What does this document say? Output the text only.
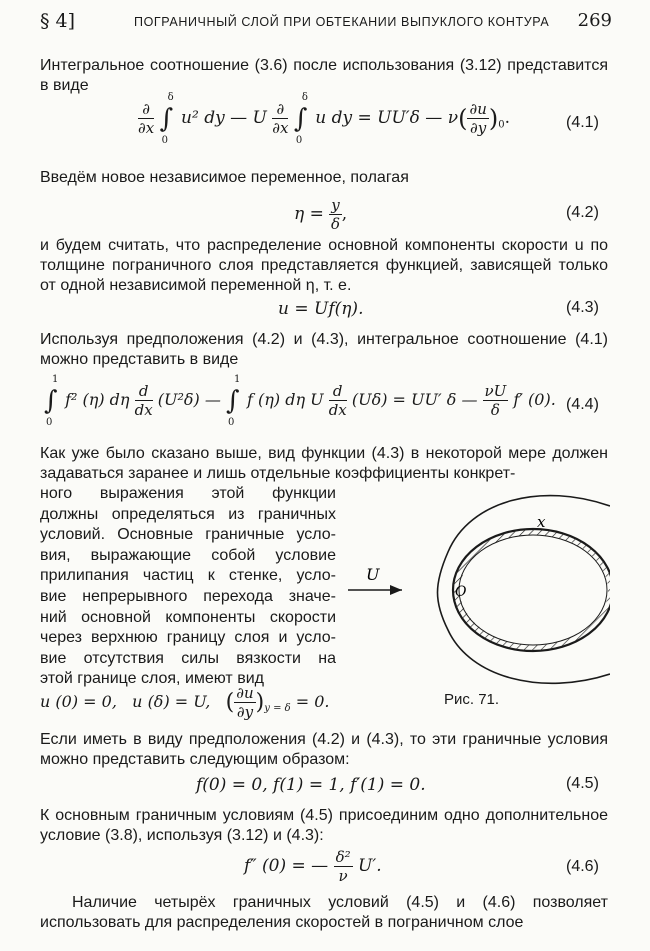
§ 4]	ПОГРАНИЧНЫЙ СЛОЙ ПРИ ОБТЕКАНИИ ВЫПУКЛОГО КОНТУРА 269

Интегральное соотношение (3.6) после использования (3.12) представится в виде

$\frac{\partial}{\partial x}$ ∫
δ
0
u² dy — U $\frac{\partial}{\partial x}$ ∫
δ
0
u dy = UU′δ — $\nu( \frac{\partial u}{\partial y} )_0$.	(4.1)

Введём новое независимое переменное, полагая

$\eta = \frac{y}{\delta}$ ,	(4.2)

и будем считать, что распределение основной компоненты скорости u по толщине пограничного слоя представляется функцией, зависящей только от одной независимой переменной η, т. е.

u = Uf(η).	(4.3)

Используя предположения (4.2) и (4.3), интегральное соотношение (4.1) можно представить в виде

∫
1
0
f² (η) dη $\frac{d}{dx} (U^2\delta)$ — ∫
1
0
f (η) dη U $\frac{d}{dx} (U\delta) = UU'$ δ — $\frac{\nu U}{\delta} f'$ (0). (4.4)

Как уже было сказано выше, вид функции (4.3) в некоторой мере должен задаваться заранее и лишь отдельные коэффициенты конкрет-

ного выражения этой функции
должны определяться из граничных
условий. Основные граничные усло-
вия, выражающие собой условие
прилипания частиц к стенке, усло-
вие непрерывного перехода значе-
ний основной компоненты скорости
через верхнюю границу слоя и усло-
вие отсутствия силы вязкости на
этой границе слоя, имеют вид
u (0) = 0, u (δ) = U, ( $\frac{\partial u}{\partial y} )_{y = \delta} = 0$.
U
x
O
Рис. 71.

Если иметь в виду предположения (4.2) и (4.3), то эти граничные условия можно представить следующим образом:

f(0) = 0, f(1) = 1, f′(1) = 0.	(4.5)

К основным граничным условиям (4.5) присоединим одно дополнительное условие (3.8), используя (3.12) и (4.3):

f″ (0) = — $\frac{\text{δ²}}{\nu} U'$.	(4.6)

Наличие четырёх граничных условий (4.5) и (4.6) позволяет использовать для распределения скоростей в пограничном слое
